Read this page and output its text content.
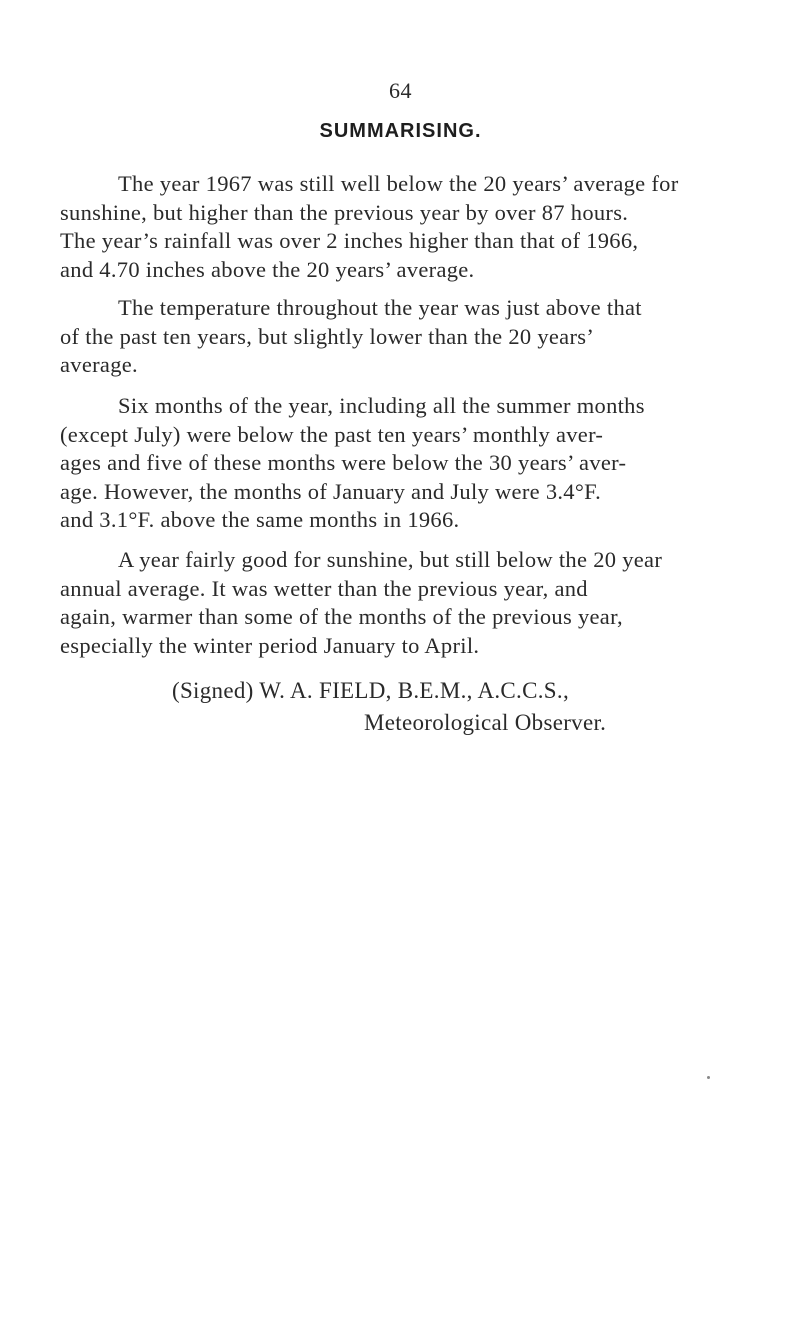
64
SUMMARISING.
The year 1967 was still well below the 20 years’ average for
sunshine, but higher than the previous year by over 87 hours.
The year’s rainfall was over 2 inches higher than that of 1966,
and 4.70 inches above the 20 years’ average.
The temperature throughout the year was just above that
of the past ten years, but slightly lower than the 20 years’
average.
Six months of the year, including all the summer months
(except July) were below the past ten years’ monthly aver-
ages and five of these months were below the 30 years’ aver-
age. However, the months of January and July were 3.4°F.
and 3.1°F. above the same months in 1966.
A year fairly good for sunshine, but still below the 20 year
annual average. It was wetter than the previous year, and
again, warmer than some of the months of the previous year,
especially the winter period January to April.
(Signed) W. A. FIELD, B.E.M., A.C.C.S.,
Meteorological Observer.
